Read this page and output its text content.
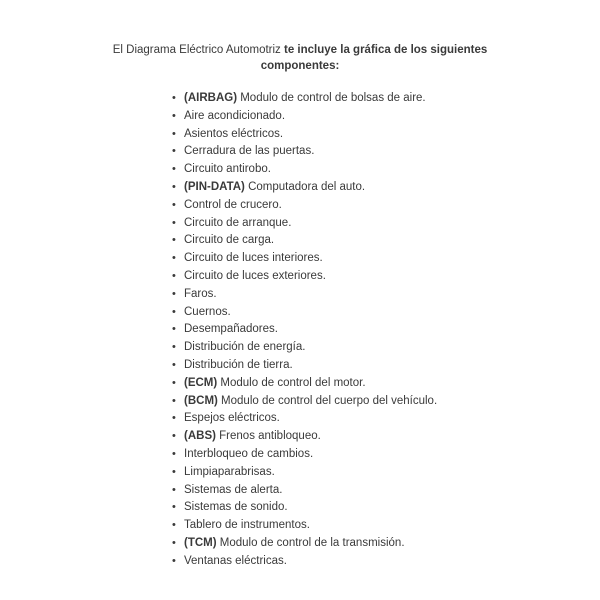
El Diagrama Eléctrico Automotriz te incluye la gráfica de los siguientes
componentes:
• (AIRBAG) Modulo de control de bolsas de aire.
• Aire acondicionado.
• Asientos eléctricos.
• Cerradura de las puertas.
• Circuito antirobo.
• (PIN-DATA) Computadora del auto.
• Control de crucero.
• Circuito de arranque.
• Circuito de carga.
• Circuito de luces interiores.
• Circuito de luces exteriores.
• Faros.
• Cuernos.
• Desempañadores.
• Distribución de energía.
• Distribución de tierra.
• (ECM) Modulo de control del motor.
• (BCM) Modulo de control del cuerpo del vehículo.
• Espejos eléctricos.
• (ABS) Frenos antibloqueo.
• Interbloqueo de cambios.
• Limpiaparabrisas.
• Sistemas de alerta.
• Sistemas de sonido.
• Tablero de instrumentos.
• (TCM) Modulo de control de la transmisión.
• Ventanas eléctricas.
